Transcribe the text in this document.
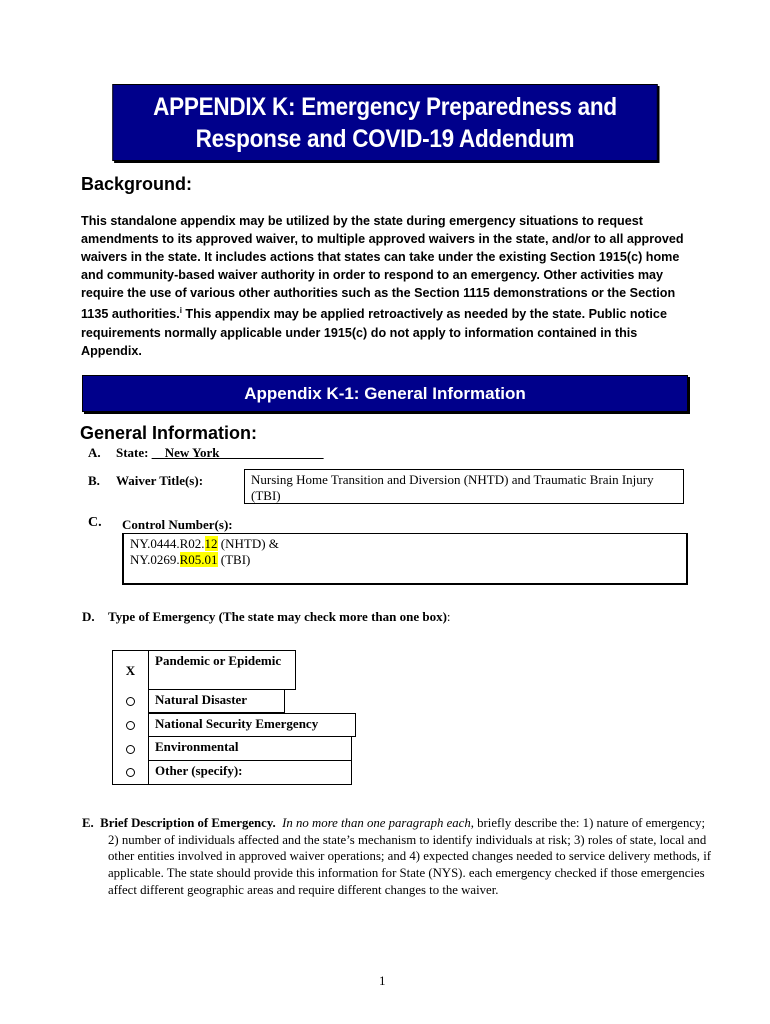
APPENDIX K: Emergency Preparedness and
Response and COVID-19 Addendum
Background:
This standalone appendix may be utilized by the state during emergency situations to request amendments to its approved waiver, to multiple approved waivers in the state, and/or to all approved waivers in the state. It includes actions that states can take under the existing Section 1915(c) home and community-based waiver authority in order to respond to an emergency. Other activities may require the use of various other authorities such as the Section 1115 demonstrations or the Section 1135 authorities.$^i$ This appendix may be applied retroactively as needed by the state. Public notice requirements normally applicable under 1915(c) do not apply to information contained in this Appendix.
Appendix K-1: General Information
General Information:
A. State: __New York________________
B. Waiver Title(s):	Nursing Home Transition and Diversion (NHTD) and Traumatic Brain Injury (TBI)
C. Control Number(s):
NY.0444.R02.12 (NHTD) &
NY.0269.R05.01 (TBI)
D. Type of Emergency (The state may check more than one box):
X
Pandemic or Epidemic
Natural Disaster
National Security Emergency
Environmental
Other (specify):
E. Brief Description of Emergency. In no more than one paragraph each, briefly describe the: 1) nature of emergency; 2) number of individuals affected and the state’s mechanism to identify individuals at risk; 3) roles of state, local and other entities involved in approved waiver operations; and 4) expected changes needed to service delivery methods, if applicable. The state should provide this information for State (NYS). each emergency checked if those emergencies affect different geographic areas and require different changes to the waiver.
1
